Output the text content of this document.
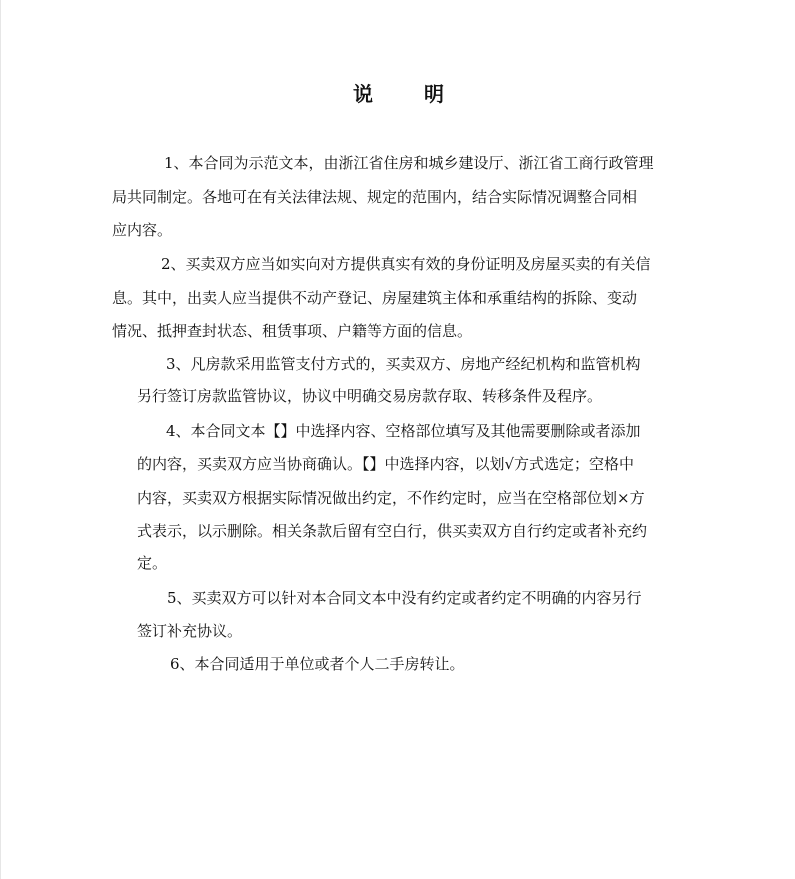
说 明
1、本合同为示范文本，由浙江省住房和城乡建设厅、浙江省工商行政管理
局共同制定。各地可在有关法律法规、规定的范围内，结合实际情况调整合同相
应内容。
2、买卖双方应当如实向对方提供真实有效的身份证明及房屋买卖的有关信
息。其中，出卖人应当提供不动产登记、房屋建筑主体和承重结构的拆除、变动
情况、抵押查封状态、租赁事项、户籍等方面的信息。
3、凡房款采用监管支付方式的，买卖双方、房地产经纪机构和监管机构
另行签订房款监管协议，协议中明确交易房款存取、转移条件及程序。
4、本合同文本【】中选择内容、空格部位填写及其他需要删除或者添加
的内容，买卖双方应当协商确认。【】中选择内容，以划√方式选定；空格中
内容，买卖双方根据实际情况做出约定，不作约定时，应当在空格部位划×方
式表示，以示删除。相关条款后留有空白行，供买卖双方自行约定或者补充约
定。
5、买卖双方可以针对本合同文本中没有约定或者约定不明确的内容另行
签订补充协议。
6、本合同适用于单位或者个人二手房转让。
